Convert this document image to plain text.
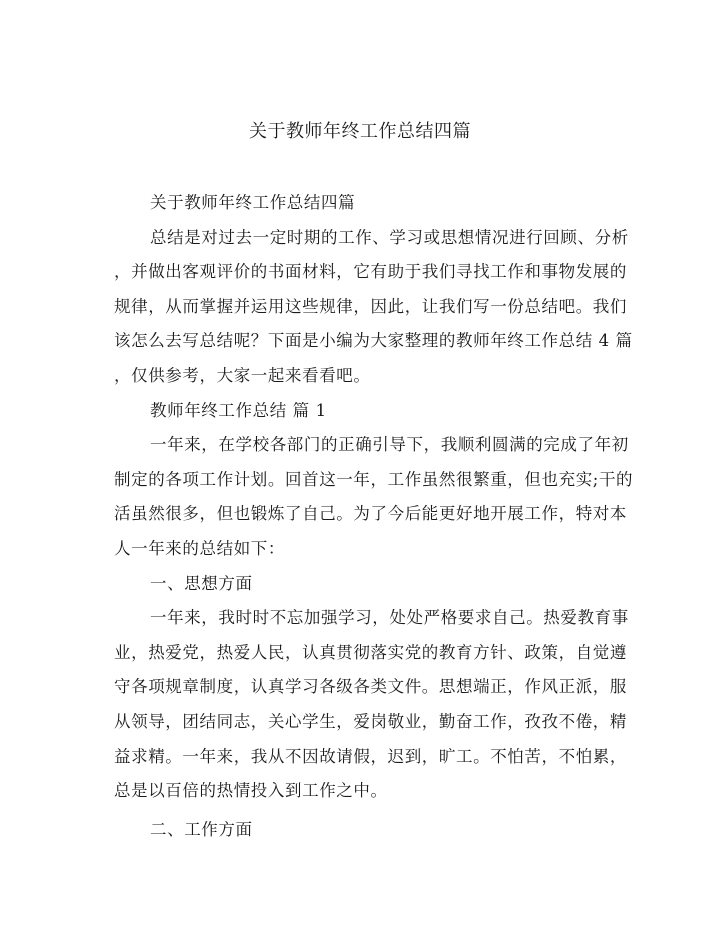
关于教师年终工作总结四篇

关于教师年终工作总结四篇

总结是对过去一定时期的工作、学习或思想情况进行回顾、分析
，并做出客观评价的书面材料，它有助于我们寻找工作和事物发展的
规律，从而掌握并运用这些规律，因此，让我们写一份总结吧。我们
该怎么去写总结呢？下面是小编为大家整理的教师年终工作总结 4 篇
，仅供参考，大家一起来看看吧。

教师年终工作总结 篇 1

一年来，在学校各部门的正确引导下，我顺利圆满的完成了年初
制定的各项工作计划。回首这一年，工作虽然很繁重，但也充实;干的
活虽然很多，但也锻炼了自己。为了今后能更好地开展工作，特对本
人一年来的总结如下：

一、思想方面

一年来，我时时不忘加强学习，处处严格要求自己。热爱教育事
业，热爱党，热爱人民，认真贯彻落实党的教育方针、政策，自觉遵
守各项规章制度，认真学习各级各类文件。思想端正，作风正派，服
从领导，团结同志，关心学生，爱岗敬业，勤奋工作，孜孜不倦，精
益求精。一年来，我从不因故请假，迟到，旷工。不怕苦，不怕累，
总是以百倍的热情投入到工作之中。

二、工作方面
